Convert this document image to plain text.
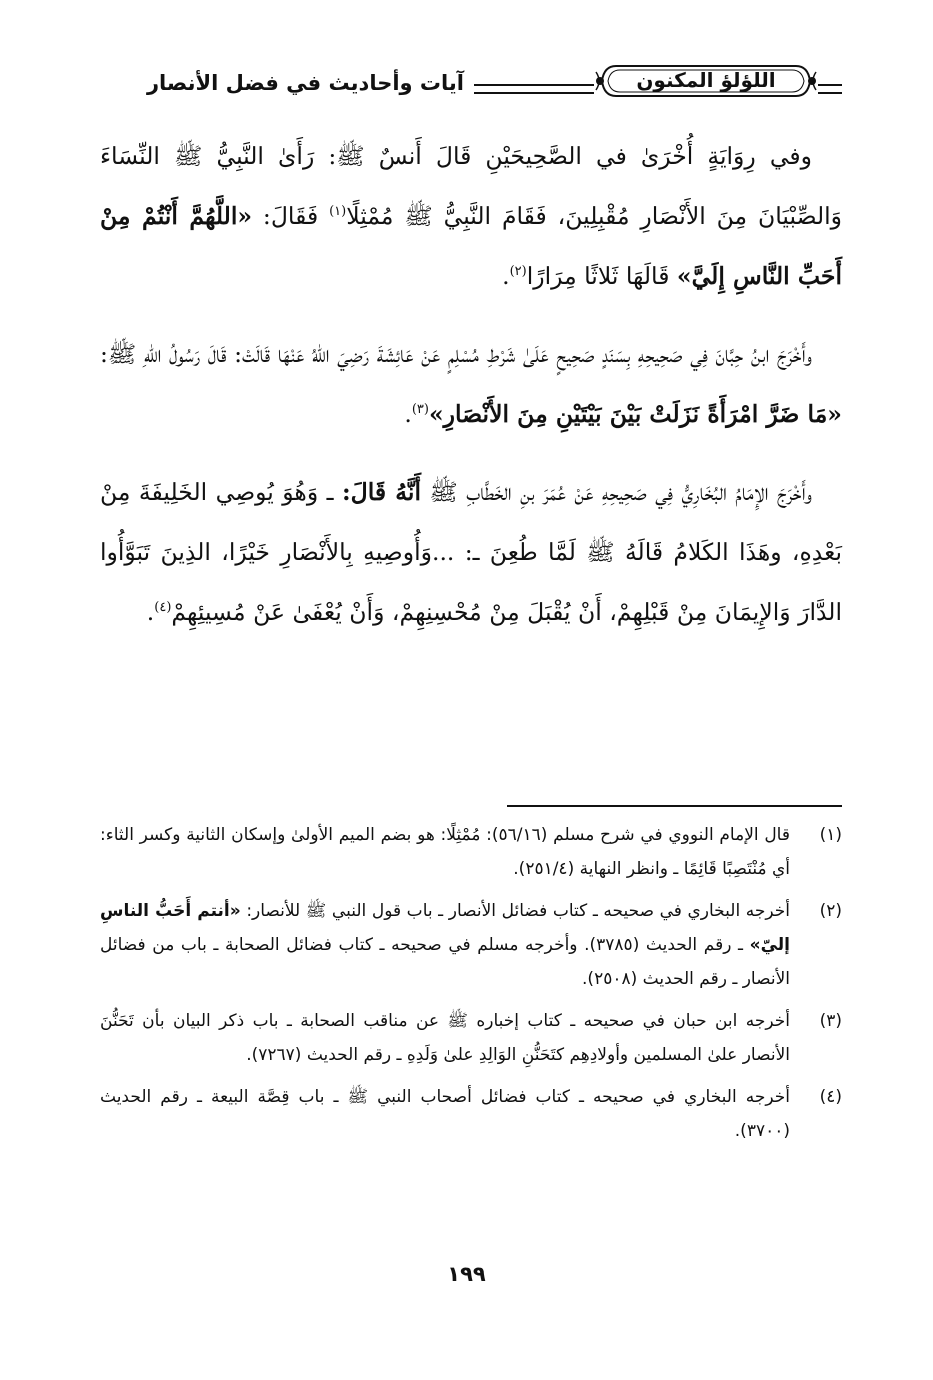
اللؤلؤ المكنون
آيات وأحاديث في فضل الأنصار

وفي رِوَايَةٍ أُخْرَىٰ في الصَّحِيحَيْنِ قَالَ أَنسٌ ﷺ: رَأَىٰ النَّبِيُّ ﷺ النِّسَاءَ وَالصِّبْيَانَ مِنَ الأَنْصَارِ مُقْبِلِينَ، فَقَامَ النَّبِيُّ ﷺ مُمْثِلًا$^{(١)}$ فَقَالَ: «اللَّهُمَّ أَنْتُمْ مِنْ أَحَبِّ النَّاسِ إِلَيَّ» قَالَهَا ثَلاثًا مِرَارًا$^{(٢)}$.

وأَخْرَجَ ابنُ حِبَّانَ فِي صَحِيحِهِ بِسَنَدٍ صَحِيحٍ عَلَىٰ شَرْطِ مُسْلِمٍ عَنْ عَائِشَةَ رَضِيَ اللهُ عَنْهَا قَالَتْ: قَالَ رَسُولُ اللهِ ﷺ: «مَا ضَرَّ امْرَأَةً نَزَلَتْ بَيْنَ بَيْتَيْنِ مِنَ الأَنْصَارِ»$^{(٣)}$.

وأَخْرَجَ الإِمَامُ البُخَارِيُّ فِي صَحِيحِهِ عَنْ عُمَرَ بنِ الخَطَّابِ ﷺ أَنَّهُ قَالَ: ـ وَهُوَ يُوصِي الخَلِيفَةَ مِنْ بَعْدِهِ، وهَذَا الكَلامُ قَالَهُ ﷺ لَمَّا طُعِنَ ـ: ...وَأُوصِيهِ بِالأَنْصَارِ خَيْرًا، الذِينَ تَبَوَّأُوا الدَّارَ وَالإِيمَانَ مِنْ قَبْلِهِمْ، أَنْ يُقْبَلَ مِنْ مُحْسِنِهِمْ، وَأَنْ يُعْفَىٰ عَنْ مُسِيئِهِمْ$^{(٤)}$.

(١)
قال الإمام النووي في شرح مسلم (٥٦/١٦): مُمْثِلًا: هو بضم الميم الأولىٰ وإسكان الثانية وكسر الثاء: أي مُنْتَصِبًا قَائِمًا ـ وانظر النهاية (٢٥١/٤).
(٢)
أخرجه البخاري في صحيحه ـ كتاب فضائل الأنصار ـ باب قول النبي ﷺ للأنصار: «أنتم أَحَبُّ الناسِ إليّ» ـ رقم الحديث (٣٧٨٥). وأخرجه مسلم في صحيحه ـ كتاب فضائل الصحابة ـ باب من فضائل الأنصار ـ رقم الحديث (٢٥٠٨).
(٣)
أخرجه ابن حبان في صحيحه ـ كتاب إخباره ﷺ عن مناقب الصحابة ـ باب ذكر البيان بأن تَحَنُّنَ الأنصار علىٰ المسلمين وأولادِهِم كتَحَنُّنِ الوَالِدِ علىٰ وَلَدِهِ ـ رقم الحديث (٧٢٦٧).
(٤)
أخرجه البخاري في صحيحه ـ كتاب فضائل أصحاب النبي ﷺ ـ باب قِصَّة البيعة ـ رقم الحديث (٣٧٠٠).
١٩٩
